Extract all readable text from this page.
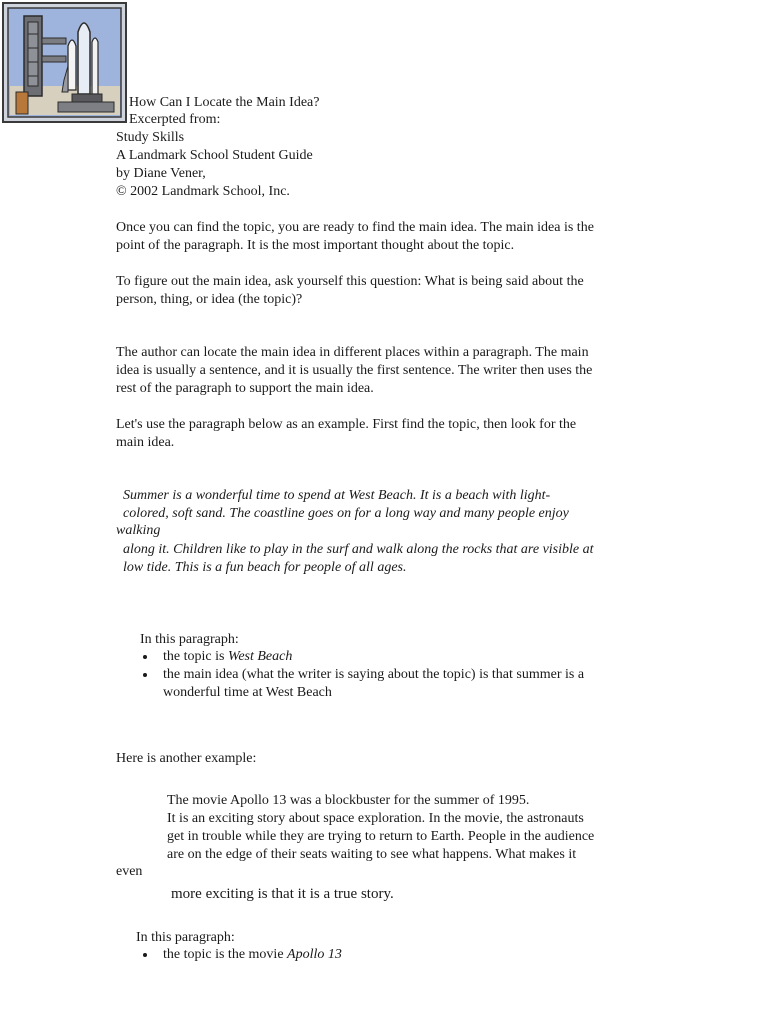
How Can I Locate the Main Idea?
Excerpted from:
Study Skills
A Landmark School Student Guide
by Diane Vener,
© 2002 Landmark School, Inc.
Once you can find the topic, you are ready to find the main idea. The main idea is the
point of the paragraph. It is the most important thought about the topic.
To figure out the main idea, ask yourself this question: What is being said about the
person, thing, or idea (the topic)?
The author can locate the main idea in different places within a paragraph. The main
idea is usually a sentence, and it is usually the first sentence. The writer then uses the
rest of the paragraph to support the main idea.
Let's use the paragraph below as an example. First find the topic, then look for the
main idea.
Summer is a wonderful time to spend at West Beach. It is a beach with light-
colored, soft sand. The coastline goes on for a long way and many people enjoy
walking
along it. Children like to play in the surf and walk along the rocks that are visible at
low tide. This is a fun beach for people of all ages.
In this paragraph:
the topic is West Beach
the main idea (what the writer is saying about the topic) is that summer is a
wonderful time at West Beach
Here is another example:
The movie Apollo 13 was a blockbuster for the summer of 1995.
It is an exciting story about space exploration. In the movie, the astronauts
get in trouble while they are trying to return to Earth. People in the audience
are on the edge of their seats waiting to see what happens. What makes it
even
more exciting is that it is a true story.
In this paragraph:
the topic is the movie Apollo 13
